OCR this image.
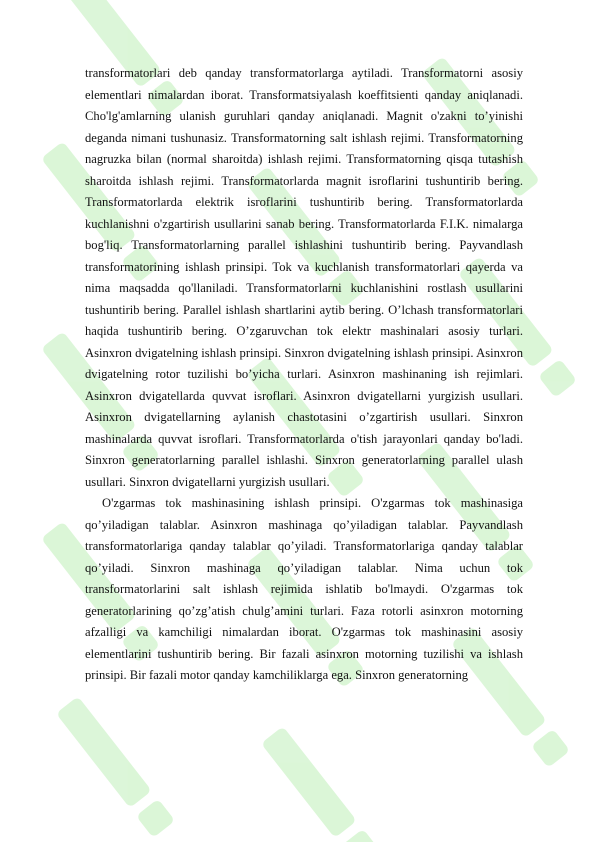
transformatorlari deb qanday transformatorlarga aytiladi. Transformatorni asosiy elementlari nimalardan iborat. Transformatsiyalash koeffitsienti qanday aniqlanadi. Cho'lg'amlarning ulanish guruhlari qanday aniqlanadi. Magnit o'zakni to’yinishi deganda nimani tushunasiz. Transformatorning salt ishlash rejimi. Transformatorning nagruzka bilan (normal sharoitda) ishlash rejimi. Transformatorning qisqa tutashish sharoitda ishlash rejimi. Transformatorlarda magnit isroflarini tushuntirib bering. Transformatorlarda elektrik isroflarini tushuntirib bering. Transformatorlarda kuchlanishni o'zgartirish usullarini sanab bering. Transformatorlarda F.I.K. nimalarga bog'liq. Transformatorlarning parallel ishlashini tushuntirib bering. Payvandlash transformatorining ishlash prinsipi. Tok va kuchlanish transformatorlari qayerda va nima maqsadda qo'llaniladi. Transformatorlarni kuchlanishini rostlash usullarini tushuntirib bering. Parallel ishlash shartlarini aytib bering. O’lchash transformatorlari haqida tushuntirib bering. O’zgaruvchan tok elektr mashinalari asosiy turlari. Asinxron dvigatelning ishlash prinsipi. Sinxron dvigatelning ishlash prinsipi. Asinxron dvigatelning rotor tuzilishi bo’yicha turlari. Asinxron mashinaning ish rejimlari. Asinxron dvigatellarda quvvat isroflari. Asinxron dvigatellarni yurgizish usullari. Asinxron dvigatellarning aylanish chastotasini o’zgartirish usullari. Sinxron mashinalarda quvvat isroflari. Transformatorlarda o'tish jarayonlari qanday bo'ladi. Sinxron generatorlarning parallel ishlashi. Sinxron generatorlarning parallel ulash usullari. Sinxron dvigatellarni yurgizish usullari.

O'zgarmas tok mashinasining ishlash prinsipi. O'zgarmas tok mashinasiga qo’yiladigan talablar. Asinxron mashinaga qo’yiladigan talablar. Payvandlash transformatorlariga qanday talablar qo’yiladi. Transformatorlariga qanday talablar qo’yiladi. Sinxron mashinaga qo’yiladigan talablar. Nima uchun tok transformatorlarini salt ishlash rejimida ishlatib bo'lmaydi. O'zgarmas tok generatorlarining qo’zg’atish chulg’amini turlari. Faza rotorli asinxron motorning afzalligi va kamchiligi nimalardan iborat. O'zgarmas tok mashinasini asosiy elementlarini tushuntirib bering. Bir fazali asinxron motorning tuzilishi va ishlash prinsipi. Bir fazali motor qanday kamchiliklarga ega. Sinxron generatorning
